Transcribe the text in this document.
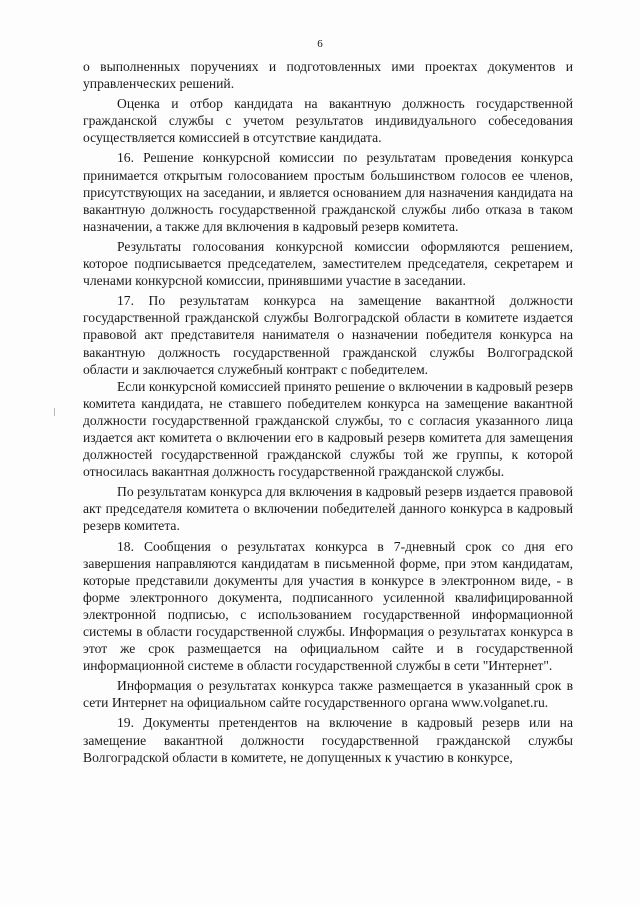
6

о выполненных поручениях и подготовленных ими проектах документов и управленческих решений.

Оценка и отбор кандидата на вакантную должность государственной гражданской службы с учетом результатов индивидуального собеседования осуществляется комиссией в отсутствие кандидата.

16. Решение конкурсной комиссии по результатам проведения конкурса принимается открытым голосованием простым большинством голосов ее членов, присутствующих на заседании, и является основанием для назначения кандидата на вакантную должность государственной гражданской службы либо отказа в таком назначении, а также для включения в кадровый резерв комитета.

Результаты голосования конкурсной комиссии оформляются решением, которое подписывается председателем, заместителем председателя, секретарем и членами конкурсной комиссии, принявшими участие в заседании.

17. По результатам конкурса на замещение вакантной должности государственной гражданской службы Волгоградской области в комитете издается правовой акт представителя нанимателя о назначении победителя конкурса на вакантную должность государственной гражданской службы Волгоградской области и заключается служебный контракт с победителем.

Если конкурсной комиссией принято решение о включении в кадровый резерв комитета кандидата, не ставшего победителем конкурса на замещение вакантной должности государственной гражданской службы, то с согласия указанного лица издается акт комитета о включении его в кадровый резерв комитета для замещения должностей государственной гражданской службы той же группы, к которой относилась вакантная должность государственной гражданской службы.

По результатам конкурса для включения в кадровый резерв издается правовой акт председателя комитета о включении победителей данного конкурса в кадровый резерв комитета.

18. Сообщения о результатах конкурса в 7-дневный срок со дня его завершения направляются кандидатам в письменной форме, при этом кандидатам, которые представили документы для участия в конкурсе в электронном виде, - в форме электронного документа, подписанного усиленной квалифицированной электронной подписью, с использованием государственной информационной системы в области государственной службы. Информация о результатах конкурса в этот же срок размещается на официальном сайте и в государственной информационной системе в области государственной службы в сети "Интернет".

Информация о результатах конкурса также размещается в указанный срок в сети Интернет на официальном сайте государственного органа www.volganet.ru.

19. Документы претендентов на включение в кадровый резерв или на замещение вакантной должности государственной гражданской службы Волгоградской области в комитете, не допущенных к участию в конкурсе,
